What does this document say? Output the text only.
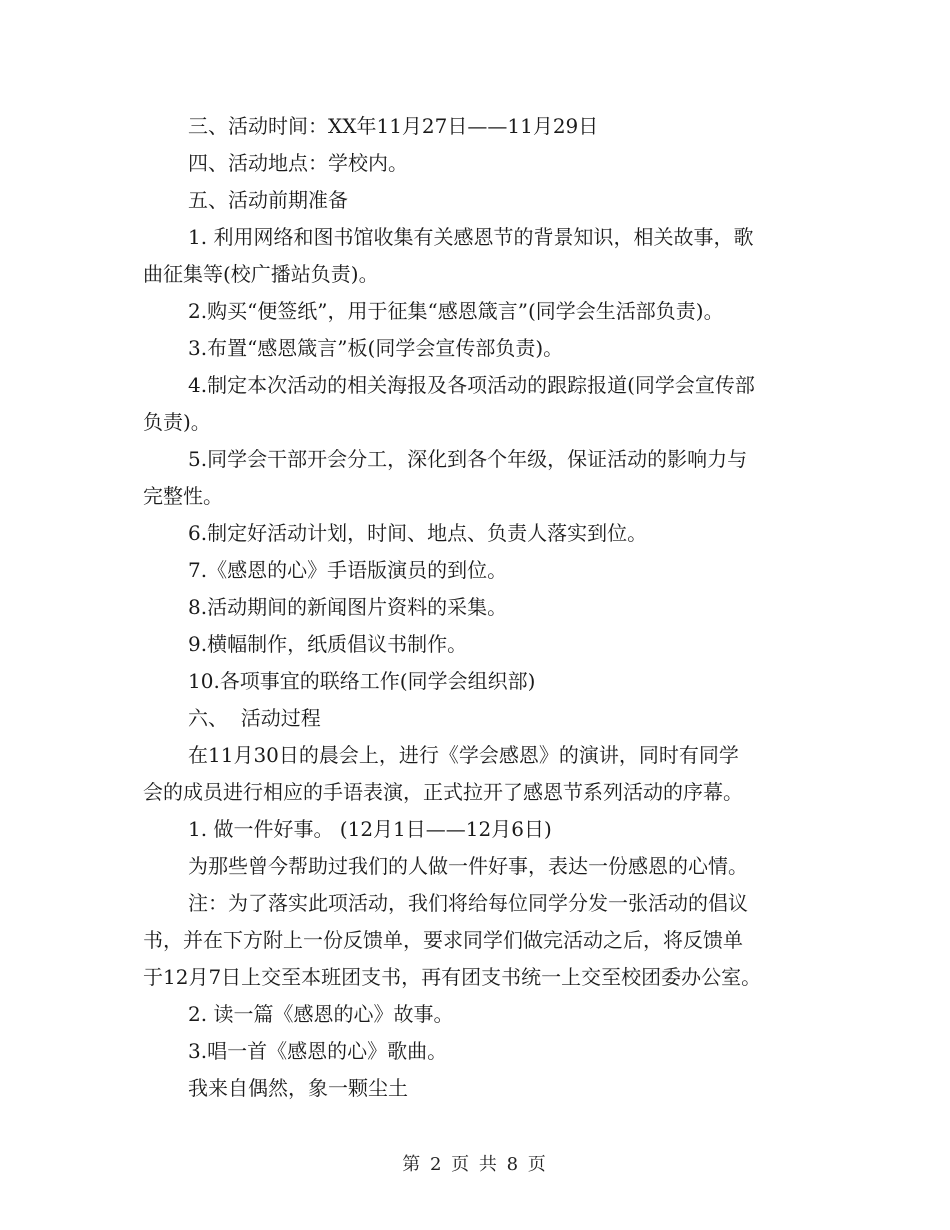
三、活动时间：XX年11月27日——11月29日
四、活动地点：学校内。
五、活动前期准备
1. 利用网络和图书馆收集有关感恩节的背景知识，相关故事，歌
曲征集等(校广播站负责)。
2.购买“便签纸”，用于征集“感恩箴言”(同学会生活部负责)。
3.布置“感恩箴言”板(同学会宣传部负责)。
4.制定本次活动的相关海报及各项活动的跟踪报道(同学会宣传部
负责)。
5.同学会干部开会分工，深化到各个年级，保证活动的影响力与
完整性。
6.制定好活动计划，时间、地点、负责人落实到位。
7.《感恩的心》手语版演员的到位。
8.活动期间的新闻图片资料的采集。
9.横幅制作，纸质倡议书制作。
10.各项事宜的联络工作(同学会组织部)
六、  活动过程
在11月30日的晨会上，进行《学会感恩》的演讲，同时有同学
会的成员进行相应的手语表演，正式拉开了感恩节系列活动的序幕。
1. 做一件好事。 (12月1日——12月6日)
为那些曾今帮助过我们的人做一件好事，表达一份感恩的心情。
注：为了落实此项活动，我们将给每位同学分发一张活动的倡议
书，并在下方附上一份反馈单，要求同学们做完活动之后，将反馈单
于12月7日上交至本班团支书，再有团支书统一上交至校团委办公室。
2. 读一篇《感恩的心》故事。
3.唱一首《感恩的心》歌曲。
我来自偶然，象一颗尘土
第 2 页 共 8 页
